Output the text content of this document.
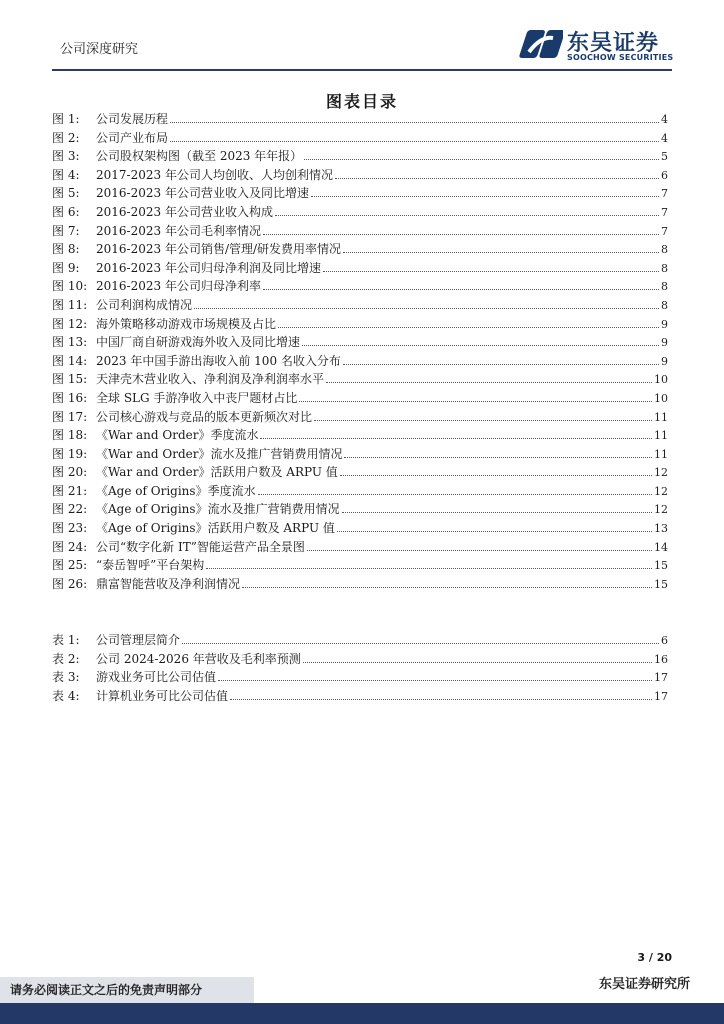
公司深度研究	东吴证券
SOOCHOW SECURITIES
图表目录
图 1:	公司发展历程	4
图 2:	公司产业布局	4
图 3:	公司股权架构图（截至 2023 年年报）	5
图 4:	2017-2023 年公司人均创收、人均创利情况	6
图 5:	2016-2023 年公司营业收入及同比增速	7
图 6:	2016-2023 年公司营业收入构成	7
图 7:	2016-2023 年公司毛利率情况	7
图 8:	2016-2023 年公司销售/管理/研发费用率情况	8
图 9:	2016-2023 年公司归母净利润及同比增速	8
图 10: 2016-2023 年公司归母净利率	8
图 11: 公司利润构成情况	8
图 12: 海外策略移动游戏市场规模及占比	9
图 13: 中国厂商自研游戏海外收入及同比增速	9
图 14: 2023 年中国手游出海收入前 100 名收入分布	9
图 15: 天津壳木营业收入、净利润及净利润率水平	10
图 16: 全球 SLG 手游净收入中丧尸题材占比	10
图 17: 公司核心游戏与竞品的版本更新频次对比	11
图 18: 《War and Order》季度流水	11
图 19: 《War and Order》流水及推广营销费用情况	11
图 20: 《War and Order》活跃用户数及 ARPU 值	12
图 21: 《Age of Origins》季度流水	12
图 22: 《Age of Origins》流水及推广营销费用情况	12
图 23: 《Age of Origins》活跃用户数及 ARPU 值	13
图 24: 公司“数字化新 IT”智能运营产品全景图	14
图 25: “泰岳智呼”平台架构	15
图 26: 鼎富智能营收及净利润情况	15
表 1:	公司管理层简介	6
表 2:	公司 2024-2026 年营收及毛利率预测	16
表 3:	游戏业务可比公司估值	17
表 4:	计算机业务可比公司估值	17
3 / 20
请务必阅读正文之后的免责声明部分	东吴证券研究所
